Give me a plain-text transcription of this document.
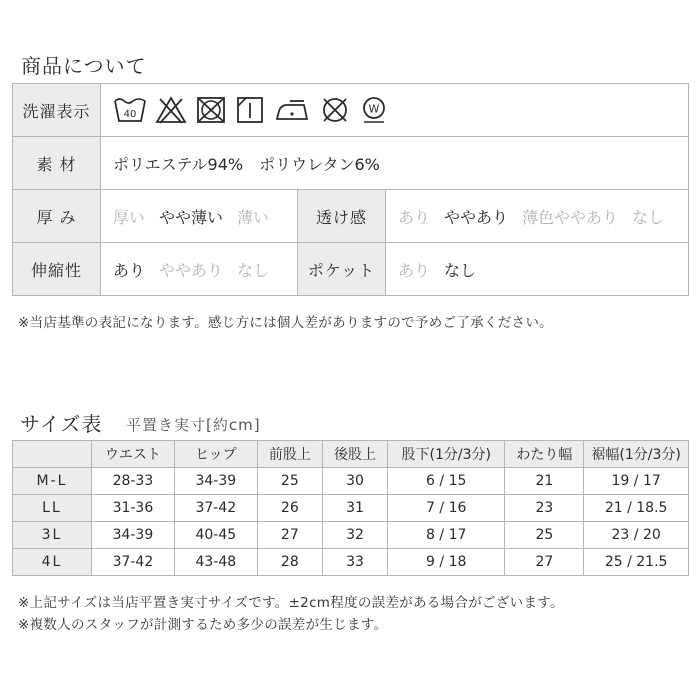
商品について
洗濯表示	40 W		

素 材	ポリエステル94%　ポリウレタン6%		
厚 み	厚い やや薄い 薄い	透け感	あり ややあり 薄色ややあり なし
伸縮性	あり ややあり なし	ポケット	あり なし
※当店基準の表記になります。感じ方には個人差がありますので予めご了承ください。
サイズ表 平置き実寸[約cm]
	ウエスト	ヒップ	前股上	後股上	股下(1分/3分)	わたり幅	裾幅(1分/3分)
M-L	28-33	34-39	25	30	6 / 15	21	19 / 17
LL	31-36	37-42	26	31	7 / 16	23	21 / 18.5
3L	34-39	40-45	27	32	8 / 17	25	23 / 20
4L	37-42	43-48	28	33	9 / 18	27	25 / 21.5
※上記サイズは当店平置き実寸サイズです。±2cm程度の誤差がある場合がございます。
※複数人のスタッフが計測するため多少の誤差が生じます。
